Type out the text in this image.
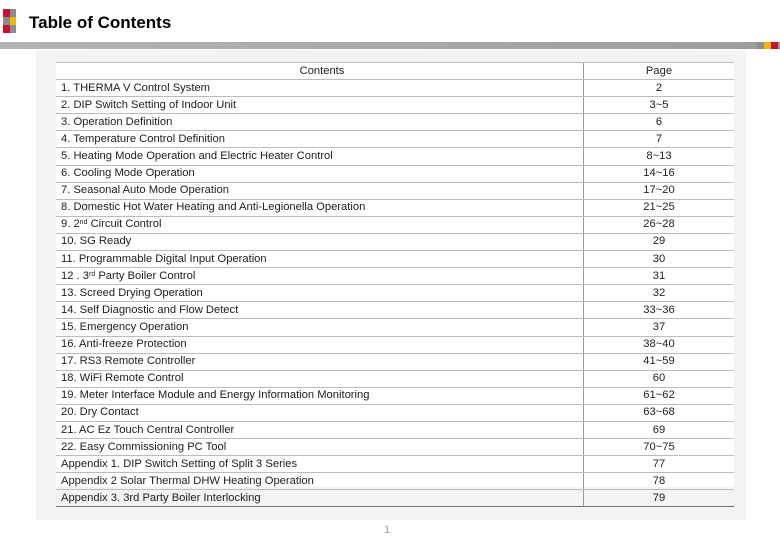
Table of Contents
Contents	Page
1. THERMA V Control System	2
2. DIP Switch Setting of Indoor Unit	3~5
3. Operation Definition	6
4. Temperature Control Definition	7
5. Heating Mode Operation and Electric Heater Control	8~13
6. Cooling Mode Operation	14~16
7. Seasonal Auto Mode Operation	17~20
8. Domestic Hot Water Heating and Anti-Legionella Operation	21~25
9. 2nd Circuit Control	26~28
10. SG Ready	29
11. Programmable Digital Input Operation	30
12 . 3rd Party Boiler Control	31
13. Screed Drying Operation	32
14. Self Diagnostic and Flow Detect	33~36
15. Emergency Operation	37
16. Anti-freeze Protection	38~40
17. RS3 Remote Controller	41~59
18. WiFi Remote Control	60
19. Meter Interface Module and Energy Information Monitoring	61~62
20. Dry Contact	63~68
21. AC Ez Touch Central Controller	69
22. Easy Commissioning PC Tool	70~75
Appendix 1. DIP Switch Setting of Split 3 Series	77
Appendix 2 Solar Thermal DHW Heating Operation	78
Appendix 3. 3rd Party Boiler Interlocking	79
1
